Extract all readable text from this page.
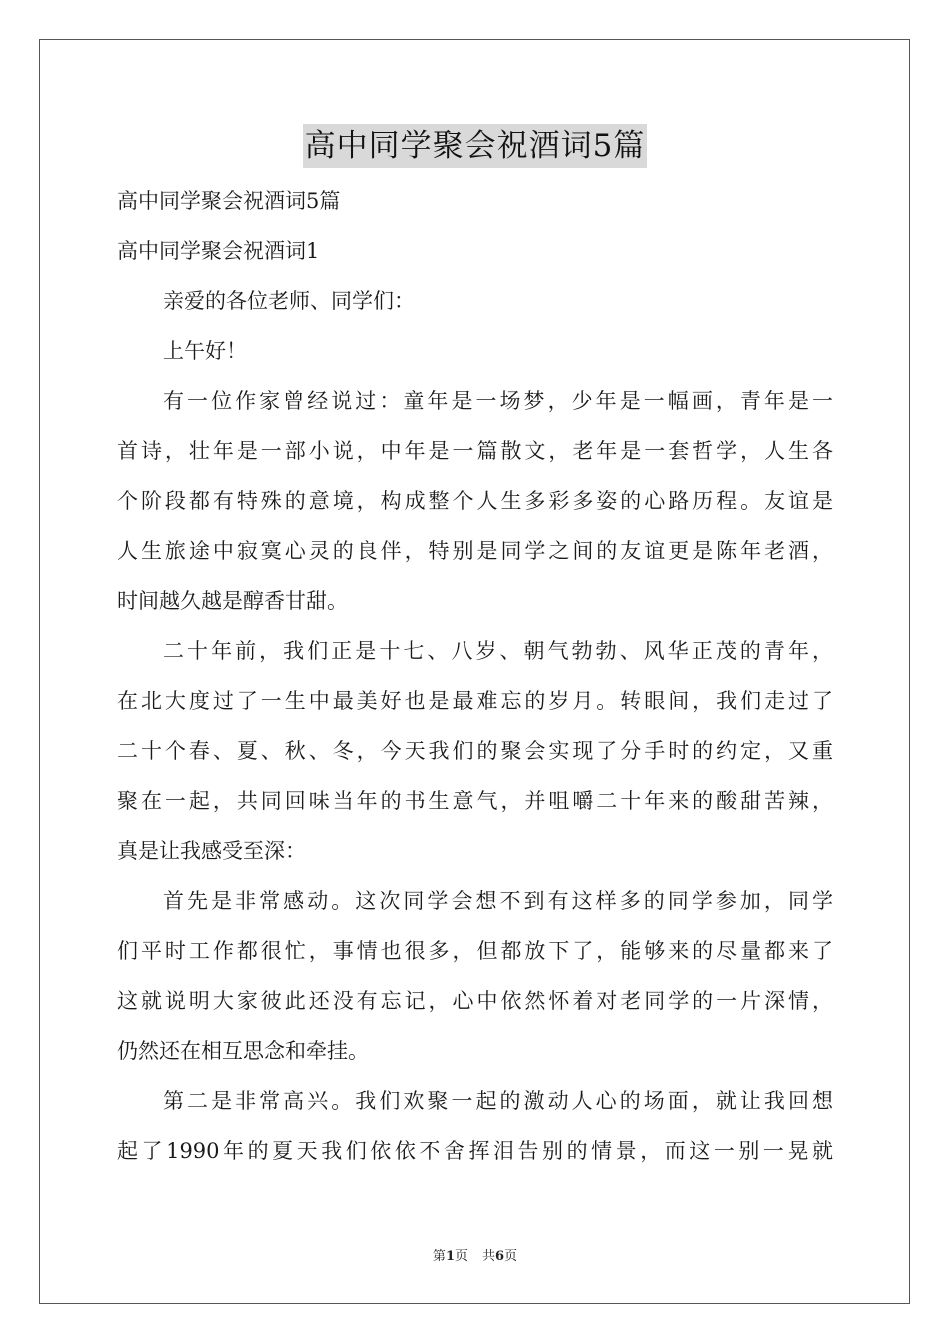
高中同学聚会祝酒词5篇
高中同学聚会祝酒词5篇
高中同学聚会祝酒词1
亲爱的各位老师、同学们：
上午好！
有一位作家曾经说过：童年是一场梦，少年是一幅画，青年是一
首诗，壮年是一部小说，中年是一篇散文，老年是一套哲学，人生各
个阶段都有特殊的意境，构成整个人生多彩多姿的心路历程。友谊是
人生旅途中寂寞心灵的良伴，特别是同学之间的友谊更是陈年老酒，
时间越久越是醇香甘甜。
二十年前，我们正是十七、八岁、朝气勃勃、风华正茂的青年，
在北大度过了一生中最美好也是最难忘的岁月。转眼间，我们走过了
二十个春、夏、秋、冬，今天我们的聚会实现了分手时的约定，又重
聚在一起，共同回味当年的书生意气，并咀嚼二十年来的酸甜苦辣，
真是让我感受至深：
首先是非常感动。这次同学会想不到有这样多的同学参加，同学
们平时工作都很忙，事情也很多，但都放下了，能够来的尽量都来了
这就说明大家彼此还没有忘记，心中依然怀着对老同学的一片深情，
仍然还在相互思念和牵挂。
第二是非常高兴。我们欢聚一起的激动人心的场面，就让我回想
起了1990年的夏天我们依依不舍挥泪告别的情景，而这一别一晃就
第1页 共6页
